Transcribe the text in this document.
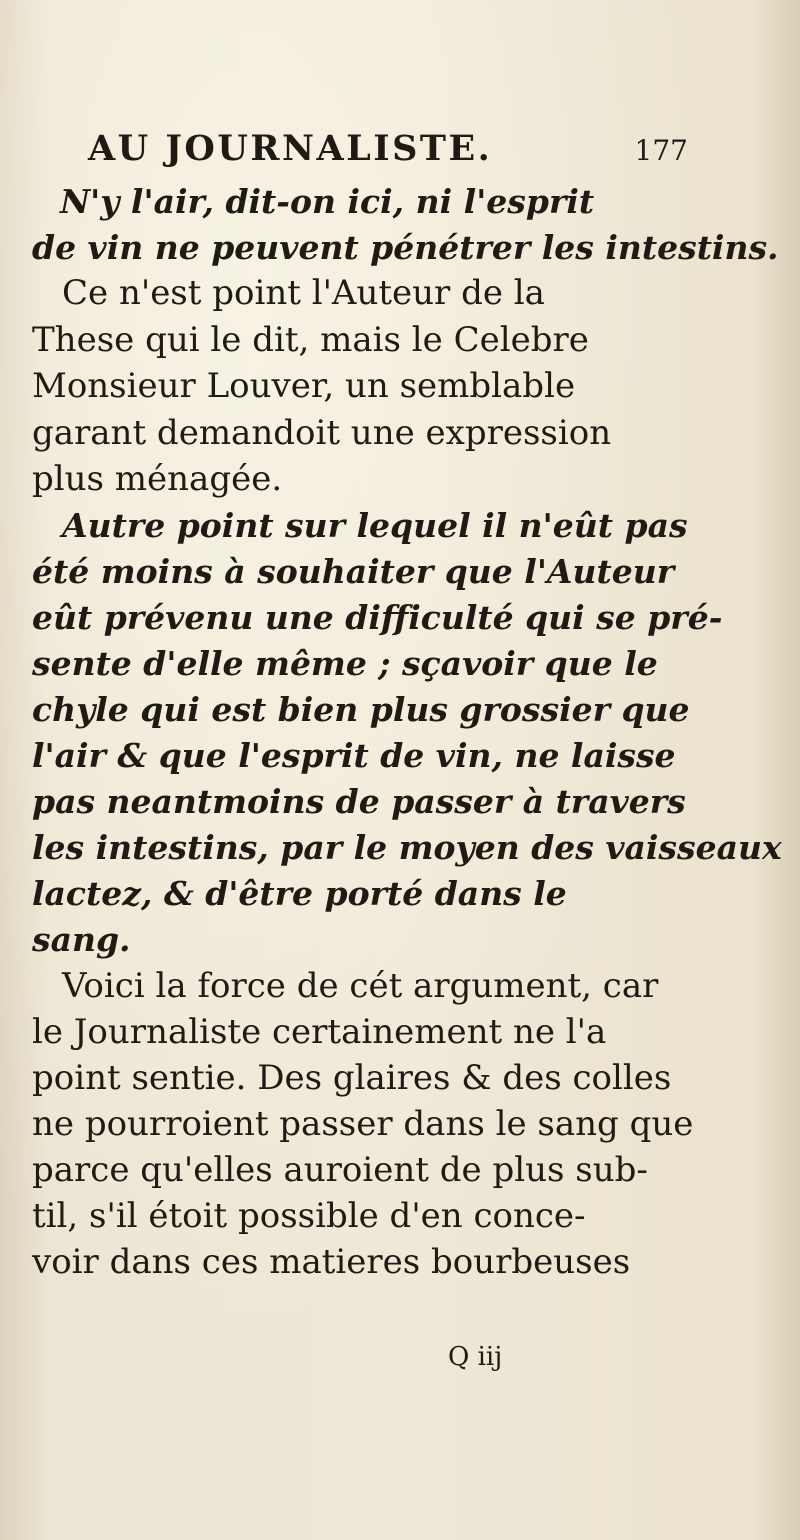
AU JOURNALISTE.	177
N'y l'air, dit-on ici, ni l'esprit
de vin ne peuvent pénétrer les intestins.
Ce n'est point l'Auteur de la
These qui le dit, mais le Celebre
Monsieur Louver, un semblable
garant demandoit une expression
plus ménagée.
Autre point sur lequel il n'eût pas
été moins à souhaiter que l'Auteur
eût prévenu une difficulté qui se pré-
sente d'elle même ; sçavoir que le
chyle qui est bien plus grossier que
l'air & que l'esprit de vin, ne laisse
pas neantmoins de passer à travers
les intestins, par le moyen des vaisseaux
lactez, & d'être porté dans le
sang.
Voici la force de cét argument, car
le Journaliste certainement ne l'a
point sentie. Des glaires & des colles
ne pourroient passer dans le sang que
parce qu'elles auroient de plus sub-
til, s'il étoit possible d'en conce-
voir dans ces matieres bourbeuses
Q iij
